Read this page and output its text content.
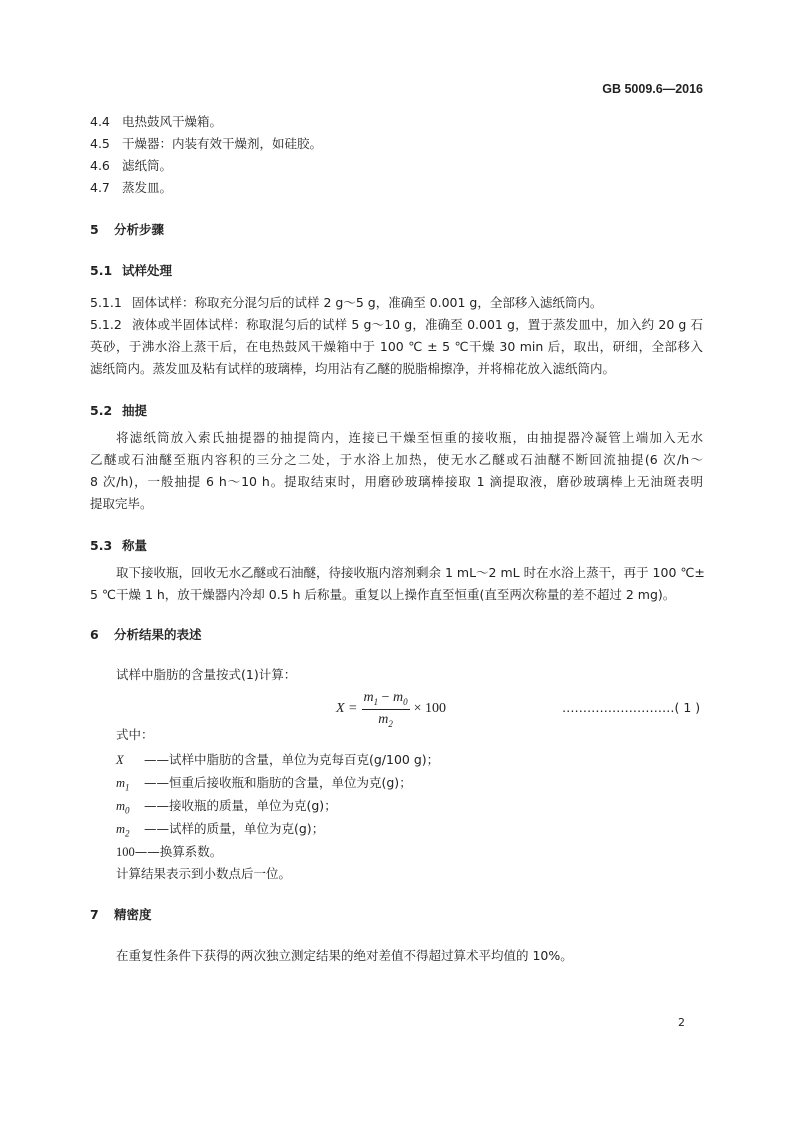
GB 5009.6—2016
4.4 电热鼓风干燥箱。
4.5 干燥器：内装有效干燥剂，如硅胶。
4.6 滤纸筒。
4.7 蒸发皿。
5 分析步骤
5.1 试样处理
5.1.1 固体试样：称取充分混匀后的试样 2 g～5 g，准确至 0.001 g，全部移入滤纸筒内。
5.1.2 液体或半固体试样：称取混匀后的试样 5 g～10 g，准确至 0.001 g，置于蒸发皿中，加入约 20 g 石
英砂，于沸水浴上蒸干后，在电热鼓风干燥箱中于 100 ℃ ± 5 ℃干燥 30 min 后，取出，研细，全部移入
滤纸筒内。蒸发皿及粘有试样的玻璃棒，均用沾有乙醚的脱脂棉擦净，并将棉花放入滤纸筒内。
5.2 抽提
将滤纸筒放入索氏抽提器的抽提筒内，连接已干燥至恒重的接收瓶，由抽提器冷凝管上端加入无水
乙醚或石油醚至瓶内容积的三分之二处，于水浴上加热，使无水乙醚或石油醚不断回流抽提(6 次/h～
8 次/h)，一般抽提 6 h～10 h。提取结束时，用磨砂玻璃棒接取 1 滴提取液，磨砂玻璃棒上无油斑表明
提取完毕。
5.3 称量
取下接收瓶，回收无水乙醚或石油醚，待接收瓶内溶剂剩余 1 mL～2 mL 时在水浴上蒸干，再于 100 ℃±
5 ℃干燥 1 h，放干燥器内冷却 0.5 h 后称量。重复以上操作直至恒重(直至两次称量的差不超过 2 mg)。
6 分析结果的表述
试样中脂肪的含量按式(1)计算：
$X = \frac{m_1 - m_0}{m_2} \times 100$	………………………( 1 )
式中：
X ——试样中脂肪的含量，单位为克每百克(g/100 g)；
$m_1$ ——恒重后接收瓶和脂肪的含量，单位为克(g)；
$m_0$ ——接收瓶的质量，单位为克(g)；
$m_2$ ——试样的质量，单位为克(g)；
100——换算系数。
计算结果表示到小数点后一位。
7 精密度
在重复性条件下获得的两次独立测定结果的绝对差值不得超过算术平均值的 10%。
2
